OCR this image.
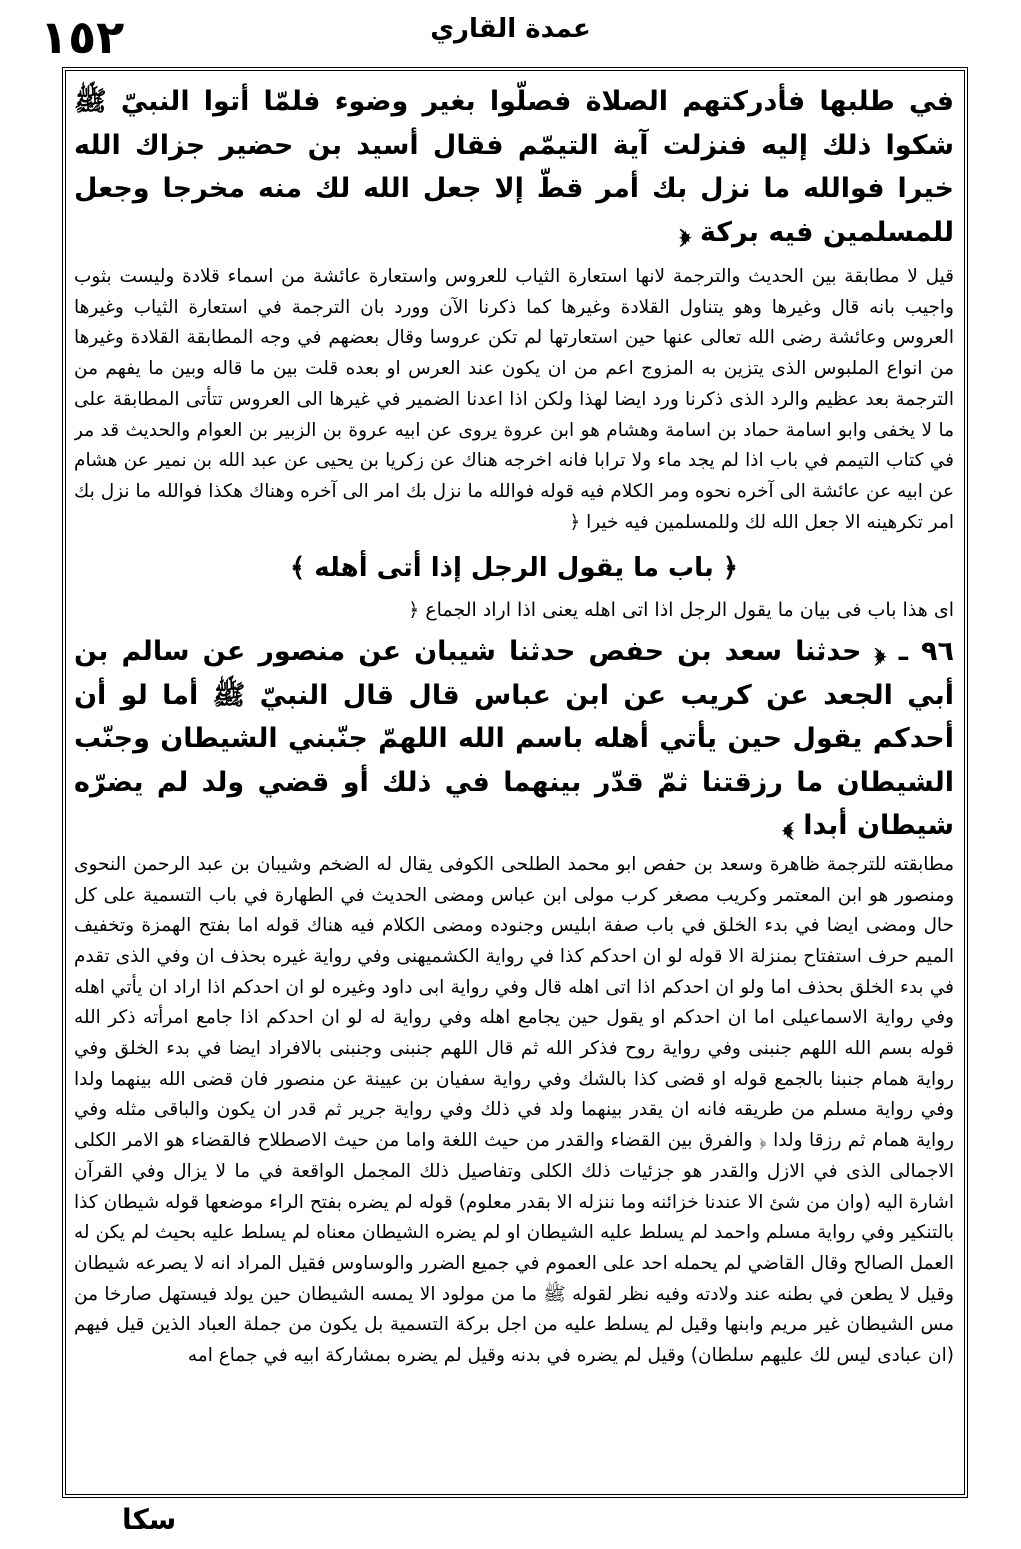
١٥٢	عمدة القاري

في طلبها فأدركتهم الصلاة فصلّوا بغير وضوء فلمّا أتوا النبيّ ﷺ شكوا ذلك إليه فنزلت آية التيمّم فقال أسيد بن حضير جزاك الله خيرا فوالله ما نزل بك أمر قطّ إلا جعل الله لك منه مخرجا وجعل للمسلمين فيه بركة ﴿

قيل لا مطابقة بين الحديث والترجمة لانها استعارة الثياب للعروس واستعارة عائشة من اسماء قلادة وليست بثوب واجيب بانه قال وغيرها وهو يتناول القلادة وغيرها كما ذكرنا الآن وورد بان الترجمة في استعارة الثياب وغيرها العروس وعائشة رضى الله تعالى عنها حين استعارتها لم تكن عروسا وقال بعضهم في وجه المطابقة القلادة وغيرها من انواع الملبوس الذى يتزين به المزوج اعم من ان يكون عند العرس او بعده قلت بين ما قاله وبين ما يفهم من الترجمة بعد عظيم والرد الذى ذكرنا ورد ايضا لهذا ولكن اذا اعدنا الضمير في غيرها الى العروس تتأتى المطابقة على ما لا يخفى وابو اسامة حماد بن اسامة وهشام هو ابن عروة يروى عن ابيه عروة بن الزبير بن العوام والحديث قد مر في كتاب التيمم في باب اذا لم يجد ماء ولا ترابا فانه اخرجه هناك عن زكريا بن يحيى عن عبد الله بن نمير عن هشام عن ابيه عن عائشة الى آخره نحوه ومر الكلام فيه قوله فوالله ما نزل بك امر الى آخره وهناك هكذا فوالله ما نزل بك امر تكرهينه الا جعل الله لك وللمسلمين فيه خيرا ﴿

﴿ باب ما يقول الرجل إذا أتى أهله ﴾

اى هذا باب فى بيان ما يقول الرجل اذا اتى اهله يعنى اذا اراد الجماع ﴿

٩٦ ـ ﴿ حدثنا سعد بن حفص حدثنا شيبان عن منصور عن سالم بن أبي الجعد عن كريب عن ابن عباس قال قال النبيّ ﷺ أما لو أن أحدكم يقول حين يأتي أهله باسم الله اللهمّ جنّبني الشيطان وجنّب الشيطان ما رزقتنا ثمّ قدّر بينهما في ذلك أو قضي ولد لم يضرّه شيطان أبدا ﴾

مطابقته للترجمة ظاهرة وسعد بن حفص ابو محمد الطلحى الكوفى يقال له الضخم وشيبان بن عبد الرحمن النحوى ومنصور هو ابن المعتمر وكريب مصغر كرب مولى ابن عباس ومضى الحديث في الطهارة في باب التسمية على كل حال ومضى ايضا في بدء الخلق في باب صفة ابليس وجنوده ومضى الكلام فيه هناك قوله اما بفتح الهمزة وتخفيف الميم حرف استفتاح بمنزلة الا قوله لو ان احدكم كذا في رواية الكشميهنى وفي رواية غيره بحذف ان وفي الذى تقدم في بدء الخلق بحذف اما ولو ان احدكم اذا اتى اهله قال وفي رواية ابى داود وغيره لو ان احدكم اذا اراد ان يأتي اهله وفي رواية الاسماعيلى اما ان احدكم او يقول حين يجامع اهله وفي رواية له لو ان احدكم اذا جامع امرأته ذكر الله قوله بسم الله اللهم جنبنى وفي رواية روح فذكر الله ثم قال اللهم جنبنى وجنبنى بالافراد ايضا في بدء الخلق وفي رواية همام جنبنا بالجمع قوله او قضى كذا بالشك وفي رواية سفيان بن عيينة عن منصور فان قضى الله بينهما ولدا وفي رواية مسلم من طريقه فانه ان يقدر بينهما ولد في ذلك وفي رواية جرير ثم قدر ان يكون والباقى مثله وفي رواية همام ثم رزقا ولدا ﴿ والفرق بين القضاء والقدر من حيث اللغة واما من حيث الاصطلاح فالقضاء هو الامر الكلى الاجمالى الذى في الازل والقدر هو جزئيات ذلك الكلى وتفاصيل ذلك المجمل الواقعة في ما لا يزال وفي القرآن اشارة اليه (وان من شئ الا عندنا خزائنه وما ننزله الا بقدر معلوم) قوله لم يضره بفتح الراء موضعها قوله شيطان كذا بالتنكير وفي رواية مسلم واحمد لم يسلط عليه الشيطان او لم يضره الشيطان معناه لم يسلط عليه بحيث لم يكن له العمل الصالح وقال القاضي لم يحمله احد على العموم في جميع الضرر والوساوس فقيل المراد انه لا يصرعه شيطان وقيل لا يطعن في بطنه عند ولادته وفيه نظر لقوله ﷺ ما من مولود الا يمسه الشيطان حين يولد فيستهل صارخا من مس الشيطان غير مريم وابنها وقيل لم يسلط عليه من اجل بركة التسمية بل يكون من جملة العباد الذين قيل فيهم (ان عبادى ليس لك عليهم سلطان) وقيل لم يضره في بدنه وقيل لم يضره بمشاركة ابيه في جماع امه

سكا
